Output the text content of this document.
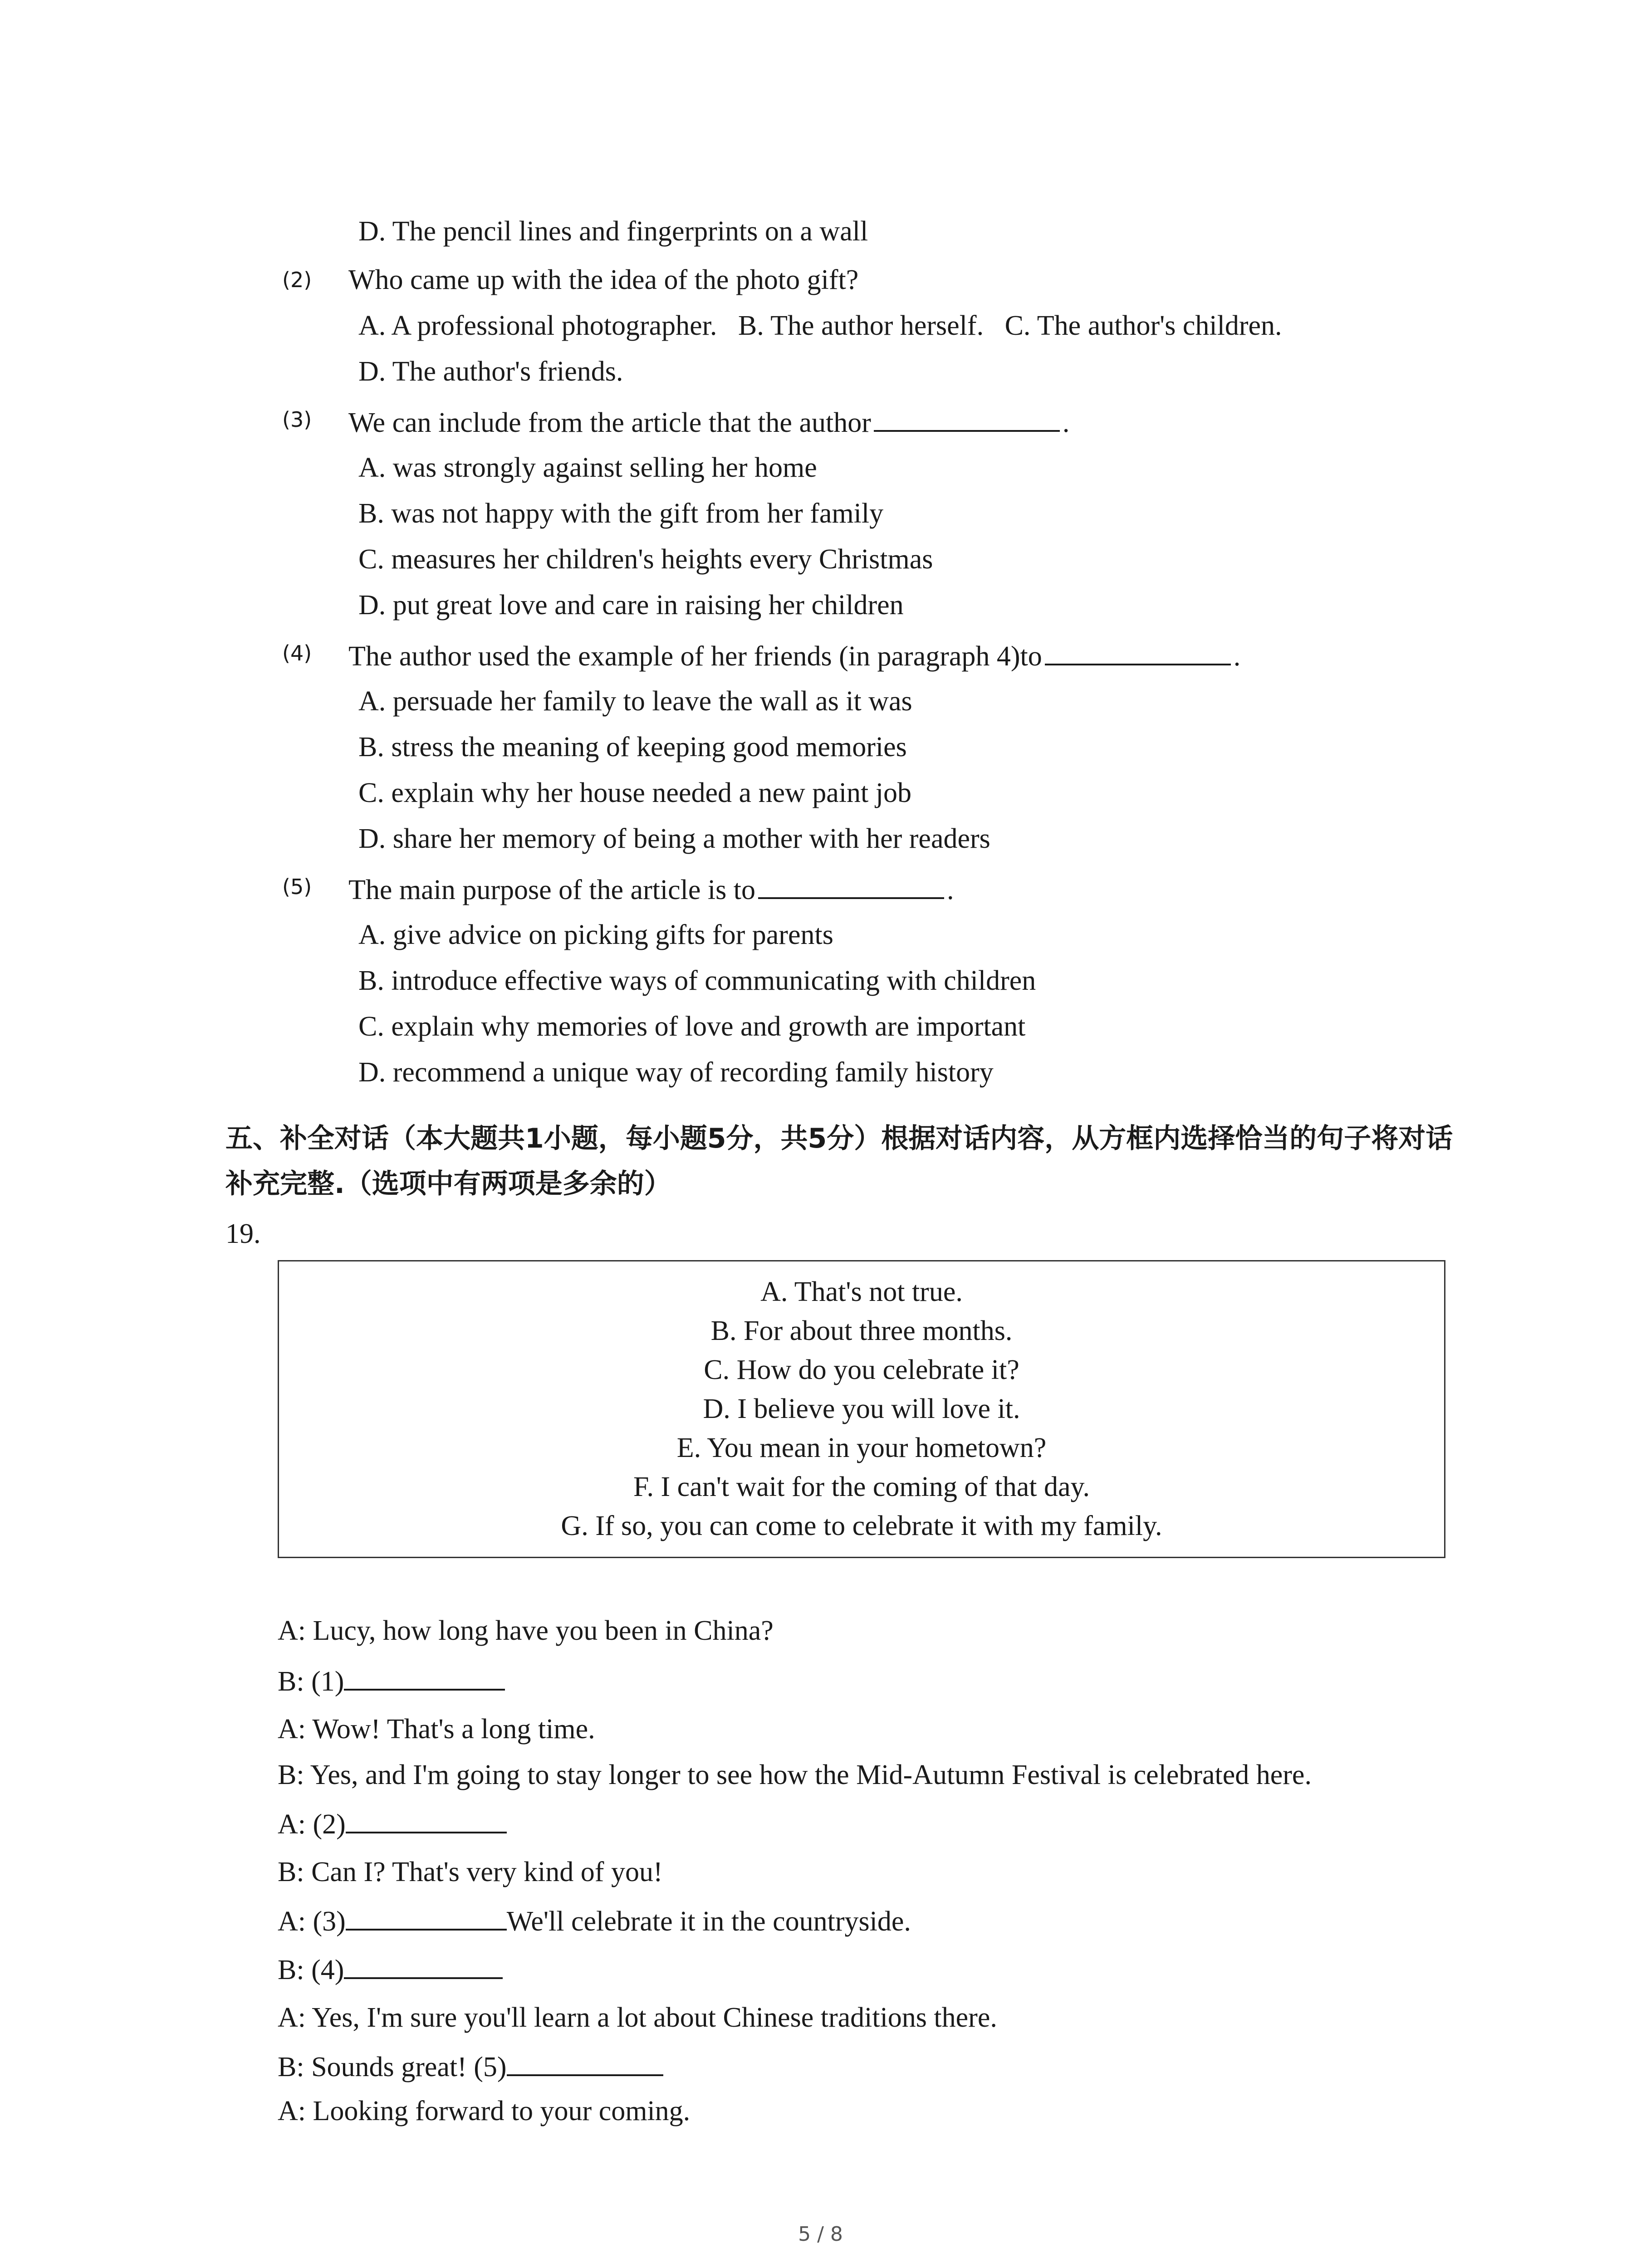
D. The pencil lines and fingerprints on a wall
(2) Who came up with the idea of the photo gift?
A. A professional photographer.   B. The author herself.   C. The author's children.
D. The author's friends.
(3) We can include from the article that the author	.
A. was strongly against selling her home
B. was not happy with the gift from her family
C. measures her children's heights every Christmas
D. put great love and care in raising her children
(4) The author used the example of her friends (in paragraph 4)to	.
A. persuade her family to leave the wall as it was
B. stress the meaning of keeping good memories
C. explain why her house needed a new paint job
D. share her memory of being a mother with her readers
(5) The main purpose of the article is to	.
A. give advice on picking gifts for parents
B. introduce effective ways of communicating with children
C. explain why memories of love and growth are important
D. recommend a unique way of recording family history
五、补全对话（本大题共1小题，每小题5分，共5分）根据对话内容，从方框内选择恰当的句子将对话补充完整.（选项中有两项是多余的）
19.
A. That's not true.
B. For about three months.
C. How do you celebrate it?
D. I believe you will love it.
E. You mean in your hometown?
F. I can't wait for the coming of that day.
G. If so, you can come to celebrate it with my family.
A: Lucy, how long have you been in China?
B: (1)
A: Wow! That's a long time.
B: Yes, and I'm going to stay longer to see how the Mid-Autumn Festival is celebrated here.
A: (2)
B: Can I? That's very kind of you!
A: (3)	We'll celebrate it in the countryside.
B: (4)
A: Yes, I'm sure you'll learn a lot about Chinese traditions there.
B: Sounds great! (5)
A: Looking forward to your coming.
5 / 8
